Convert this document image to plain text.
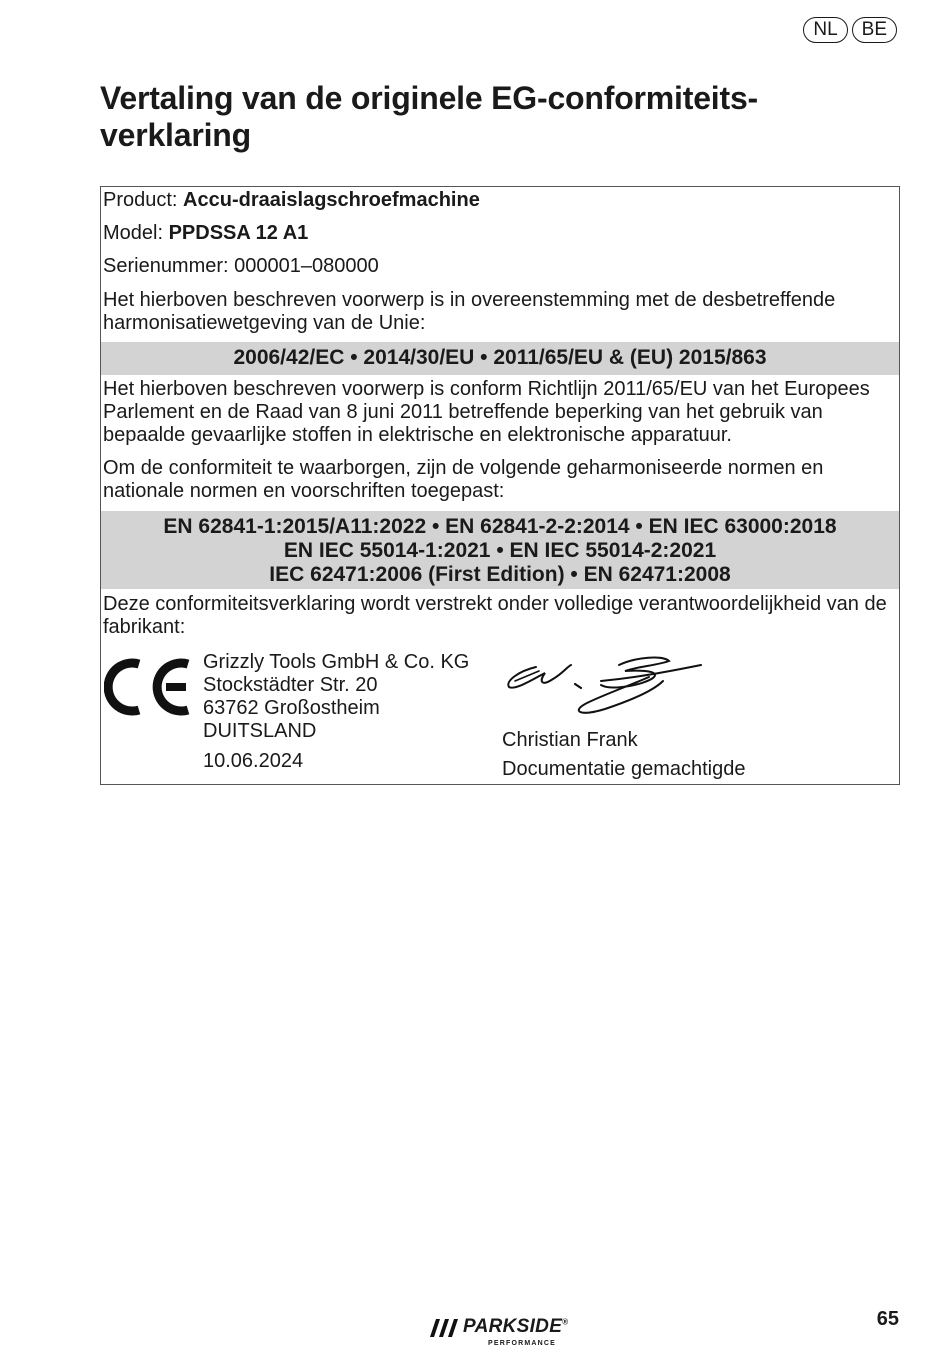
NL	BE
Vertaling van de originele EG-conformiteits-
verklaring
Product: Accu-draaislagschroefmachine
Model: PPDSSA 12 A1
Serienummer: 000001–080000
Het hierboven beschreven voorwerp is in overeenstemming met de desbetreffende harmonisatiewetgeving van de Unie:
2006/42/EC • 2014/30/EU • 2011/65/EU & (EU) 2015/863
Het hierboven beschreven voorwerp is conform Richtlijn 2011/65/EU van het Europees Parlement en de Raad van 8 juni 2011 betreffende beperking van het gebruik van bepaalde gevaarlijke stoffen in elektrische en elektronische apparatuur.
Om de conformiteit te waarborgen, zijn de volgende geharmoniseerde normen en nationale normen en voorschriften toegepast:
EN 62841-1:2015/A11:2022 • EN 62841-2-2:2014 • EN IEC 63000:2018
EN IEC 55014-1:2021 • EN IEC 55014-2:2021
IEC 62471:2006 (First Edition) • EN 62471:2008
Deze conformiteitsverklaring wordt verstrekt onder volledige verantwoordelijkheid van de fabrikant:
Grizzly Tools GmbH & Co. KG
Stockstädter Str. 20
63762 Großostheim
DUITSLAND
10.06.2024
Christian Frank
Documentatie gemachtigde
PARKSIDE®
PERFORMANCE
65
